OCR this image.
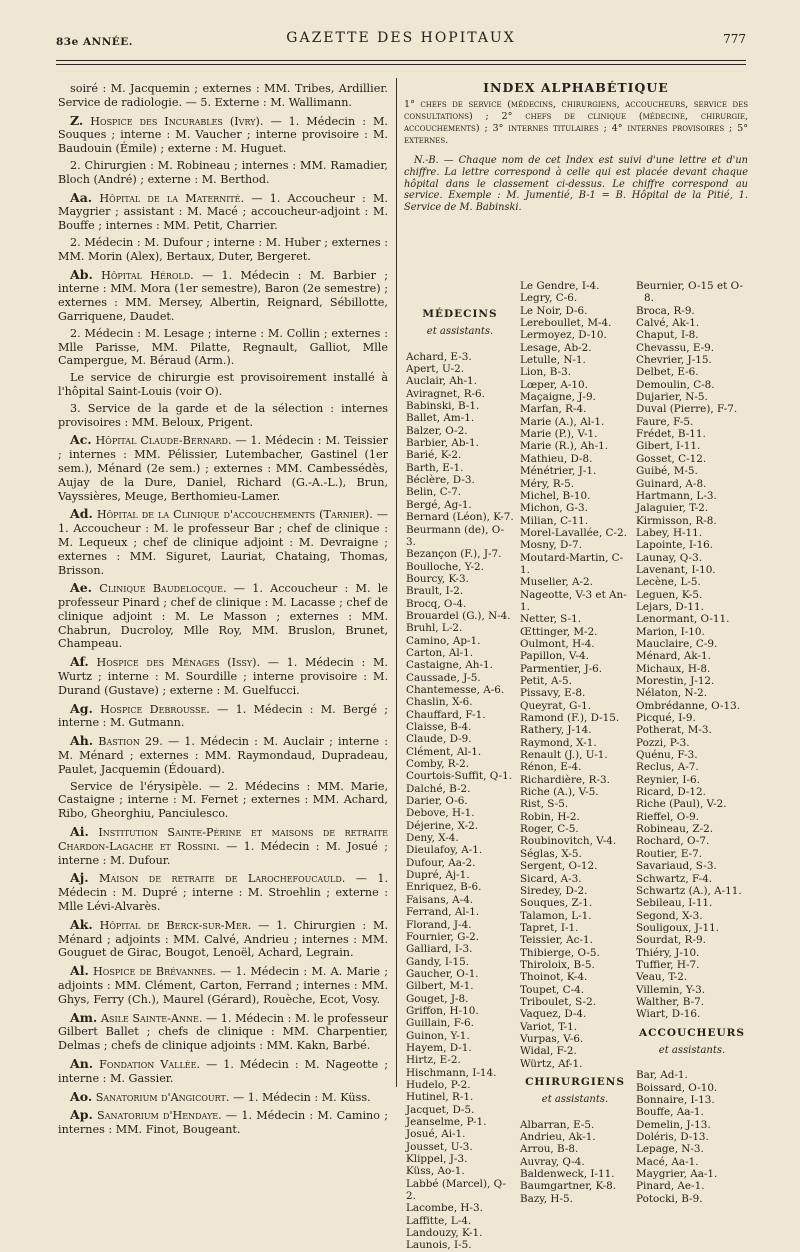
83e ANNÉE.	GAZETTE DES HOPITAUX	777

soiré : M. Jacquemin ; externes : MM. Tribes, Ardillier. Service de radiologie. — 5. Externe : M. Wallimann.

Z. Hospice des Incurables (Ivry). — 1. Médecin : M. Souques ; interne : M. Vaucher ; interne provisoire : M. Baudouin (Émile) ; externe : M. Huguet.

2. Chirurgien : M. Robineau ; internes : MM. Ramadier, Bloch (André) ; externe : M. Berthod.

Aa. Hôpital de la Maternité. — 1. Accoucheur : M. Maygrier ; assistant : M. Macé ; accoucheur-adjoint : M. Bouffe ; internes : MM. Petit, Charrier.

2. Médecin : M. Dufour ; interne : M. Huber ; externes : MM. Morin (Alex), Bertaux, Duter, Bergeret.

Ab. Hôpital Hérold. — 1. Médecin : M. Barbier ; interne : MM. Mora (1er semestre), Baron (2e semestre) ; externes : MM. Mersey, Albertin, Reignard, Sébillotte, Garriquene, Daudet.

2. Médecin : M. Lesage ; interne : M. Collin ; externes : Mlle Parisse, MM. Pilatte, Regnault, Galliot, Mlle Campergue, M. Béraud (Arm.).

Le service de chirurgie est provisoirement installé à l'hôpital Saint-Louis (voir O).

3. Service de la garde et de la sélection : internes provisoires : MM. Beloux, Prigent.

Ac. Hôpital Claude-Bernard. — 1. Médecin : M. Teissier ; internes : MM. Pélissier, Lutembacher, Gastinel (1er sem.), Ménard (2e sem.) ; externes : MM. Cambessédès, Aujay de la Dure, Daniel, Richard (G.-A.-L.), Brun, Vayssières, Meuge, Berthomieu-Lamer.

Ad. Hôpital de la Clinique d'accouchements (Tarnier). — 1. Accoucheur : M. le professeur Bar ; chef de clinique : M. Lequeux ; chef de clinique adjoint : M. Devraigne ; externes : MM. Siguret, Lauriat, Chataing, Thomas, Brisson.

Ae. Clinique Baudelocque. — 1. Accoucheur : M. le professeur Pinard ; chef de clinique : M. Lacasse ; chef de clinique adjoint : M. Le Masson ; externes : MM. Chabrun, Ducroloy, Mlle Roy, MM. Bruslon, Brunet, Champeau.

Af. Hospice des Ménages (Issy). — 1. Médecin : M. Wurtz ; interne : M. Sourdille ; interne provisoire : M. Durand (Gustave) ; externe : M. Guelfucci.

Ag. Hospice Debrousse. — 1. Médecin : M. Bergé ; interne : M. Gutmann.

Ah. Bastion 29. — 1. Médecin : M. Auclair ; interne : M. Ménard ; externes : MM. Raymondaud, Dupradeau, Paulet, Jacquemin (Édouard).

Service de l'érysipèle. — 2. Médecins : MM. Marie, Castaigne ; interne : M. Fernet ; externes : MM. Achard, Ribo, Gheorghiu, Panciulesco.

Ai. Institution Sainte-Périne et maisons de retraite Chardon-Lagache et Rossini. — 1. Médecin : M. Josué ; interne : M. Dufour.

Aj. Maison de retraite de Larochefoucauld. — 1. Médecin : M. Dupré ; interne : M. Stroehlin ; externe : Mlle Lévi-Alvarès.

Ak. Hôpital de Berck-sur-Mer. — 1. Chirurgien : M. Ménard ; adjoints : MM. Calvé, Andrieu ; internes : MM. Gouguet de Girac, Bougot, Lenoël, Achard, Legrain.

Al. Hospice de Brévannes. — 1. Médecin : M. A. Marie ; adjoints : MM. Clément, Carton, Ferrand ; internes : MM. Ghys, Ferry (Ch.), Maurel (Gérard), Rouèche, Ecot, Vosy.

Am. Asile Sainte-Anne. — 1. Médecin : M. le professeur Gilbert Ballet ; chefs de clinique : MM. Charpentier, Delmas ; chefs de clinique adjoints : MM. Kakn, Barbé.

An. Fondation Vallée. — 1. Médecin : M. Nageotte ; interne : M. Gassier.

Ao. Sanatorium d'Angicourt. — 1. Médecin : M. Küss.

Ap. Sanatorium d'Hendaye. — 1. Médecin : M. Camino ; internes : MM. Finot, Bougeant.

INDEX ALPHABÉTIQUE

1° chefs de service (médecins, chirurgiens, accoucheurs, service des consultations) ; 2° chefs de clinique (médecine, chirurgie, accouchements) ; 3° internes titulaires ; 4° internes provisoires ; 5° externes.

N.-B. — Chaque nom de cet Index est suivi d'une lettre et d'un chiffre. La lettre correspond à celle qui est placée devant chaque hôpital dans le classement ci-dessus. Le chiffre correspond au service. Exemple : M. Jumentié, B-1 = B. Hôpital de la Pitié, 1. Service de M. Babinski.

MÉDECINS
et assistants.
Achard, E-3.
Apert, U-2.
Auclair, Ah-1.
Aviragnet, R-6.
Babinski, B-1.
Ballet, Am-1.
Balzer, O-2.
Barbier, Ab-1.
Barié, K-2.
Barth, E-1.
Béclère, D-3.
Belin, C-7.
Bergé, Ag-1.
Bernard (Léon), K-7.
Beurmann (de), O-3.
Bezançon (F.), J-7.
Boulloche, Y-2.
Bourcy, K-3.
Brault, I-2.
Brocq, O-4.
Brouardel (G.), N-4.
Bruhl, L-2.
Camino, Ap-1.
Carton, Al-1.
Castaigne, Ah-1.
Caussade, J-5.
Chantemesse, A-6.
Chaslin, X-6.
Chauffard, F-1.
Claisse, B-4.
Claude, D-9.
Clément, Al-1.
Comby, R-2.
Courtois-Suffit, Q-1.
Dalché, B-2.
Darier, O-6.
Debove, H-1.
Déjerine, X-2.
Deny, X-4.
Dieulafoy, A-1.
Dufour, Aa-2.
Dupré, Aj-1.
Enriquez, B-6.
Faisans, A-4.
Ferrand, Al-1.
Florand, J-4.
Fournier, G-2.
Galliard, I-3.
Gandy, I-15.
Gaucher, O-1.
Gilbert, M-1.
Gouget, J-8.
Griffon, H-10.
Guillain, F-6.
Guinon, Y-1.
Hayem, D-1.
Hirtz, E-2.
Hischmann, I-14.
Hudelo, P-2.
Hutinel, R-1.
Jacquet, D-5.
Jeanselme, P-1.
Josué, Ai-1.
Jousset, U-3.
Klippel, J-3.
Küss, Ao-1.
Labbé (Marcel), Q-2.
Lacombe, H-3.
Laffitte, L-4.
Landouzy, K-1.
Launois, I-5.
Le Gendre, I-4.
Legry, C-6.
Le Noir, D-6.
Lereboullet, M-4.
Lermoyez, D-10.
Lesage, Ab-2.
Letulle, N-1.
Lion, B-3.
Lœper, A-10.
Maçaigne, J-9.
Marfan, R-4.
Marie (A.), Al-1.
Marie (P.), V-1.
Marie (R.), Ah-1.
Mathieu, D-8.
Ménétrier, J-1.
Méry, R-5.
Michel, B-10.
Michon, G-3.
Milian, C-11.
Morel-Lavallée, C-2.
Mosny, D-7.
Moutard-Martin, C-1.
Muselier, A-2.
Nageotte, V-3 et An-1.
Netter, S-1.
Œttinger, M-2.
Oulmont, H-4.
Papillon, V-4.
Parmentier, J-6.
Petit, A-5.
Pissavy, E-8.
Queyrat, G-1.
Ramond (F.), D-15.
Rathery, J-14.
Raymond, X-1.
Renault (J.), U-1.
Rénon, E-4.
Richardière, R-3.
Riche (A.), V-5.
Rist, S-5.
Robin, H-2.
Roger, C-5.
Roubinovitch, V-4.
Séglas, X-5.
Sergent, O-12.
Sicard, A-3.
Siredey, D-2.
Souques, Z-1.
Talamon, L-1.
Tapret, I-1.
Teissier, Ac-1.
Thibierge, O-5.
Thiroloix, B-5.
Thoinot, K-4.
Toupet, C-4.
Triboulet, S-2.
Vaquez, D-4.
Variot, T-1.
Vurpas, V-6.
Widal, F-2.
Würtz, Af-1.
CHIRURGIENS
et assistants.
Albarran, E-5.
Andrieu, Ak-1.
Arrou, B-8.
Auvray, Q-4.
Baldenweck, I-11.
Baumgartner, K-8.
Bazy, H-5.
Beurnier, O-15 et O-8.
Broca, R-9.
Calvé, Ak-1.
Chaput, I-8.
Chevassu, E-9.
Chevrier, J-15.
Delbet, E-6.
Demoulin, C-8.
Dujarier, N-5.
Duval (Pierre), F-7.
Faure, F-5.
Frédet, B-11.
Gibert, I-11.
Gosset, C-12.
Guibé, M-5.
Guinard, A-8.
Hartmann, L-3.
Jalaguier, T-2.
Kirmisson, R-8.
Labey, H-11.
Lapointe, I-16.
Launay, Q-3.
Lavenant, I-10.
Lecène, L-5.
Leguen, K-5.
Lejars, D-11.
Lenormant, O-11.
Marion, I-10.
Mauclaire, C-9.
Ménard, Ak-1.
Michaux, H-8.
Morestin, J-12.
Nélaton, N-2.
Ombrédanne, O-13.
Picqué, I-9.
Potherat, M-3.
Pozzi, P-3.
Quénu, F-3.
Reclus, A-7.
Reynier, I-6.
Ricard, D-12.
Riche (Paul), V-2.
Rieffel, O-9.
Robineau, Z-2.
Rochard, O-7.
Routier, E-7.
Savariaud, S-3.
Schwartz, F-4.
Schwartz (A.), A-11.
Sebileau, I-11.
Segond, X-3.
Souligoux, J-11.
Sourdat, R-9.
Thiéry, J-10.
Tuffier, H-7.
Veau, T-2.
Villemin, Y-3.
Walther, B-7.
Wiart, D-16.
ACCOUCHEURS
et assistants.
Bar, Ad-1.
Boissard, O-10.
Bonnaire, I-13.
Bouffe, Aa-1.
Demelin, J-13.
Doléris, D-13.
Lepage, N-3.
Macé, Aa-1.
Maygrier, Aa-1.
Pinard, Ae-1.
Potocki, B-9.
